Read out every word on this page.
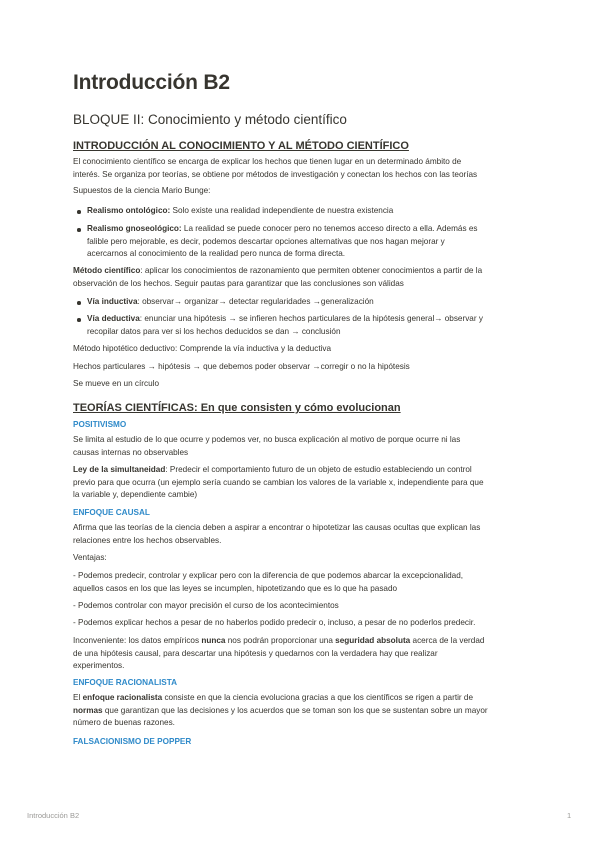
Introducción B2
BLOQUE II: Conocimiento y método científico
INTRODUCCIÓN AL CONOCIMIENTO Y AL MÉTODO CIENTÍFICO
El conocimiento científico se encarga de explicar los hechos que tienen lugar en un determinado ámbito de
interés. Se organiza por teorías, se obtiene por métodos de investigación y conectan los hechos con las teorías
Supuestos de la ciencia Mario Bunge:
Realismo ontológico: Solo existe una realidad independiente de nuestra existencia
Realismo gnoseológico: La realidad se puede conocer pero no tenemos acceso directo a ella. Además es
falible pero mejorable, es decir, podemos descartar opciones alternativas que nos hagan mejorar y
acercarnos al conocimiento de la realidad pero nunca de forma directa.
Método científico: aplicar los conocimientos de razonamiento que permiten obtener conocimientos a partir de la
observación de los hechos. Seguir pautas para garantizar que las conclusiones son válidas
Vía inductiva: observar→ organizar→ detectar regularidades →generalización
Vía deductiva: enunciar una hipótesis → se infieren hechos particulares de la hipótesis general→ observar y
recopilar datos para ver si los hechos deducidos se dan → conclusión
Método hipotético deductivo: Comprende la vía inductiva y la deductiva
Hechos particulares → hipótesis → que debemos poder observar →corregir o no la hipótesis
Se mueve en un círculo
TEORÍAS CIENTÍFICAS: En que consisten y cómo evolucionan
POSITIVISMO
Se limita al estudio de lo que ocurre y podemos ver, no busca explicación al motivo de porque ocurre ni las
causas internas no observables
Ley de la simultaneidad: Predecir el comportamiento futuro de un objeto de estudio estableciendo un control
previo para que ocurra (un ejemplo sería cuando se cambian los valores de la variable x, independiente para que
la variable y, dependiente cambie)
ENFOQUE CAUSAL
Afirma que las teorías de la ciencia deben a aspirar a encontrar o hipotetizar las causas ocultas que explican las
relaciones entre los hechos observables.
Ventajas:
- Podemos predecir, controlar y explicar pero con la diferencia de que podemos abarcar la excepcionalidad,
aquellos casos en los que las leyes se incumplen, hipotetizando que es lo que ha pasado
- Podemos controlar con mayor precisión el curso de los acontecimientos
- Podemos explicar hechos a pesar de no haberlos podido predecir o, incluso, a pesar de no poderlos predecir.
Inconveniente: los datos empíricos nunca nos podrán proporcionar una seguridad absoluta acerca de la verdad
de una hipótesis causal, para descartar una hipótesis y quedarnos con la verdadera hay que realizar
experimentos.
ENFOQUE RACIONALISTA
El enfoque racionalista consiste en que la ciencia evoluciona gracias a que los científicos se rigen a partir de
normas que garantizan que las decisiones y los acuerdos que se toman son los que se sustentan sobre un mayor
número de buenas razones.
FALSACIONISMO DE POPPER
Introducción B2	1
